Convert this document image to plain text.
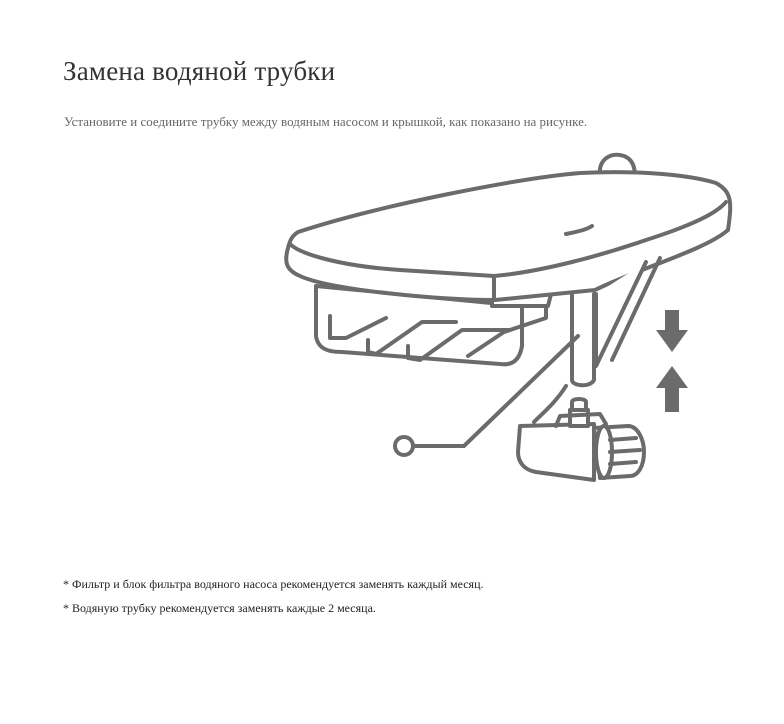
Замена водяной трубки

Установите и соедините трубку между водяным насосом и крышкой, как показано на рисунке.

* Фильтр и блок фильтра водяного насоса рекомендуется заменять каждый месяц.
* Водяную трубку рекомендуется заменять каждые 2 месяца.
